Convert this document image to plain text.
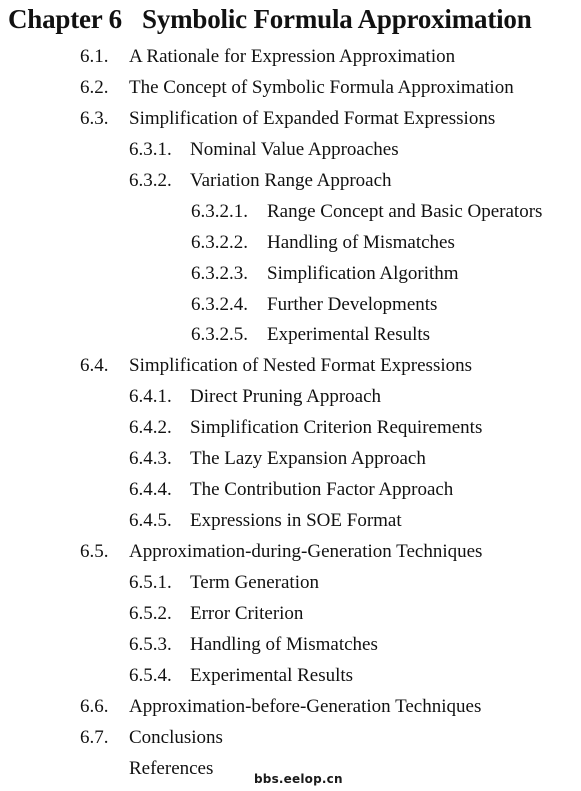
Chapter 6 Symbolic Formula Approximation
6.1. A Rationale for Expression Approximation
6.2. The Concept of Symbolic Formula Approximation
6.3. Simplification of Expanded Format Expressions
6.3.1. Nominal Value Approaches
6.3.2. Variation Range Approach
6.3.2.1. Range Concept and Basic Operators
6.3.2.2. Handling of Mismatches
6.3.2.3. Simplification Algorithm
6.3.2.4. Further Developments
6.3.2.5. Experimental Results
6.4. Simplification of Nested Format Expressions
6.4.1. Direct Pruning Approach
6.4.2. Simplification Criterion Requirements
6.4.3. The Lazy Expansion Approach
6.4.4. The Contribution Factor Approach
6.4.5. Expressions in SOE Format
6.5. Approximation-during-Generation Techniques
6.5.1. Term Generation
6.5.2. Error Criterion
6.5.3. Handling of Mismatches
6.5.4. Experimental Results
6.6. Approximation-before-Generation Techniques
6.7. Conclusions
References
bbs.eelop.cn
